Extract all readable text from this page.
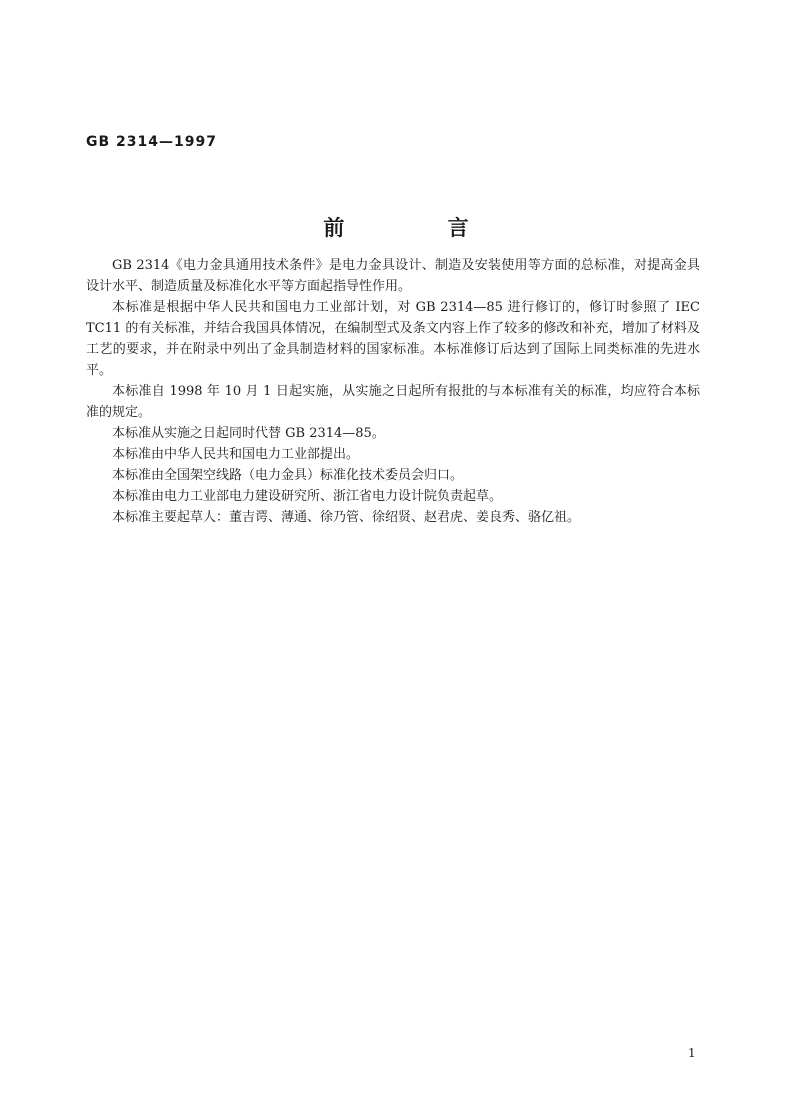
GB 2314—1997
前 言

GB 2314《电力金具通用技术条件》是电力金具设计、制造及安装使用等方面的总标准，对提高金具设计水平、制造质量及标准化水平等方面起指导性作用。

本标准是根据中华人民共和国电力工业部计划，对 GB 2314—85 进行修订的，修订时参照了 IEC TC11 的有关标准，并结合我国具体情况，在编制型式及条文内容上作了较多的修改和补充，增加了材料及工艺的要求，并在附录中列出了金具制造材料的国家标准。本标准修订后达到了国际上同类标准的先进水平。

本标准自 1998 年 10 月 1 日起实施，从实施之日起所有报批的与本标准有关的标准，均应符合本标准的规定。

本标准从实施之日起同时代替 GB 2314—85。

本标准由中华人民共和国电力工业部提出。

本标准由全国架空线路（电力金具）标准化技术委员会归口。

本标准由电力工业部电力建设研究所、浙江省电力设计院负责起草。

本标准主要起草人：董吉谔、薄通、徐乃管、徐绍贤、赵君虎、姜良秀、骆亿祖。

1
